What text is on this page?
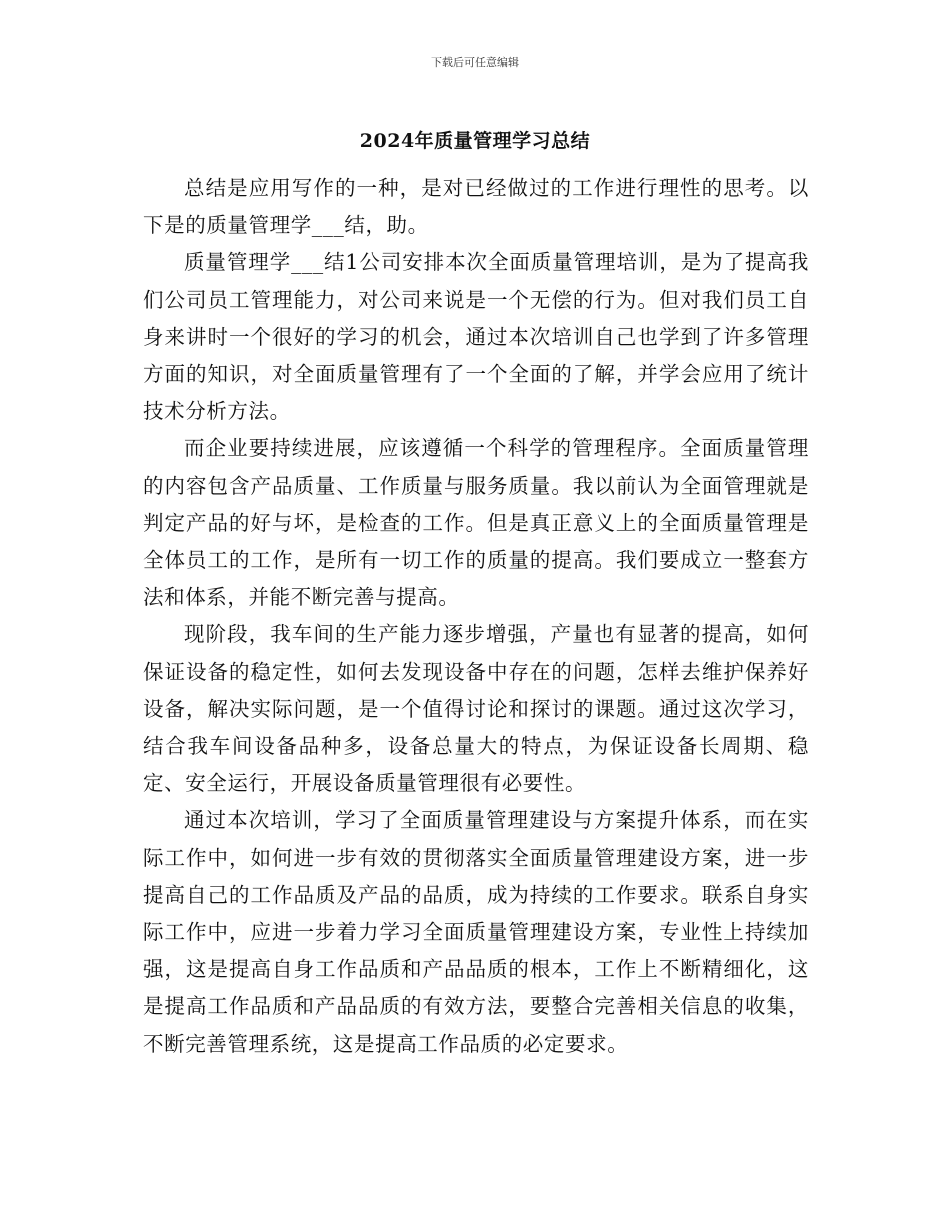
下载后可任意编辑
2024年质量管理学习总结

总结是应用写作的一种，是对已经做过的工作进行理性的思考。以下是的质量管理学___结，助。

质量管理学___结1公司安排本次全面质量管理培训，是为了提高我们公司员工管理能力，对公司来说是一个无偿的行为。但对我们员工自身来讲时一个很好的学习的机会，通过本次培训自己也学到了许多管理方面的知识，对全面质量管理有了一个全面的了解，并学会应用了统计技术分析方法。

而企业要持续进展，应该遵循一个科学的管理程序。全面质量管理的内容包含产品质量、工作质量与服务质量。我以前认为全面管理就是判定产品的好与坏，是检查的工作。但是真正意义上的全面质量管理是全体员工的工作，是所有一切工作的质量的提高。我们要成立一整套方法和体系，并能不断完善与提高。

现阶段，我车间的生产能力逐步增强，产量也有显著的提高，如何保证设备的稳定性，如何去发现设备中存在的问题，怎样去维护保养好设备，解决实际问题，是一个值得讨论和探讨的课题。通过这次学习，结合我车间设备品种多，设备总量大的特点，为保证设备长周期、稳定、安全运行，开展设备质量管理很有必要性。

通过本次培训，学习了全面质量管理建设与方案提升体系，而在实际工作中，如何进一步有效的贯彻落实全面质量管理建设方案，进一步提高自己的工作品质及产品的品质，成为持续的工作要求。联系自身实际工作中，应进一步着力学习全面质量管理建设方案，专业性上持续加强，这是提高自身工作品质和产品品质的根本，工作上不断精细化，这是提高工作品质和产品品质的有效方法，要整合完善相关信息的收集，不断完善管理系统，这是提高工作品质的必定要求。
